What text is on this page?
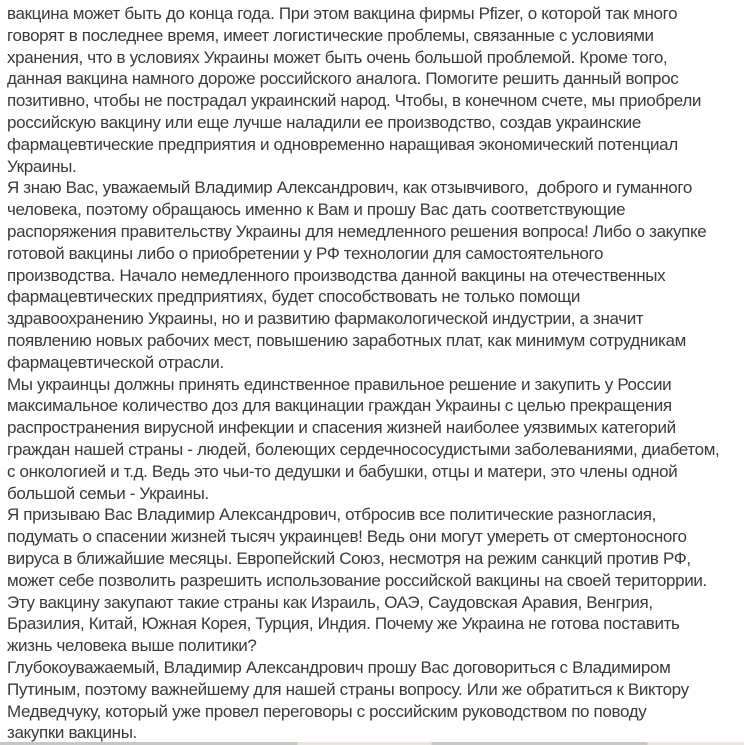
вакцина может быть до конца года. При этом вакцина фирмы Pfizer, о которой так много
говорят в последнее время, имеет логистические проблемы, связанные с условиями
хранения, что в условиях Украины может быть очень большой проблемой. Кроме того,
данная вакцина намного дороже российского аналога. Помогите решить данный вопрос
позитивно, чтобы не пострадал украинский народ. Чтобы, в конечном счете, мы приобрели
российскую вакцину или еще лучше наладили ее производство, создав украинские
фармацевтические предприятия и одновременно наращивая экономический потенциал
Украины.

Я знаю Вас, уважаемый Владимир Александрович, как отзывчивого,  доброго и гуманного
человека, поэтому обращаюсь именно к Вам и прошу Вас дать соответствующие
распоряжения правительству Украины для немедленного решения вопроса! Либо о закупке
готовой вакцины либо о приобретении у РФ технологии для самостоятельного
производства. Начало немедленного производства данной вакцины на отечественных
фармацевтических предприятиях, будет способствовать не только помощи
здравоохранению Украины, но и развитию фармакологической индустрии, а значит
появлению новых рабочих мест, повышению заработных плат, как минимум сотрудникам
фармацевтической отрасли.

Мы украинцы должны принять единственное правильное решение и закупить у России
максимальное количество доз для вакцинации граждан Украины с целью прекращения
распространения вирусной инфекции и спасения жизней наиболее уязвимых категорий
граждан нашей страны - людей, болеющих сердечнососудистыми заболеваниями, диабетом,
с онкологией и т.д. Ведь это чьи-то дедушки и бабушки, отцы и матери, это члены одной
большой семьи - Украины.

Я призываю Вас Владимир Александрович, отбросив все политические разногласия,
подумать о спасении жизней тысяч украинцев! Ведь они могут умереть от смертоносного
вируса в ближайшие месяцы. Европейский Союз, несмотря на режим санкций против РФ,
может себе позволить разрешить использование российской вакцины на своей територрии.
Эту вакцину закупают такие страны как Израиль, ОАЭ, Саудовская Аравия, Венгрия,
Бразилия, Китай, Южная Корея, Турция, Индия. Почему же Украина не готова поставить
жизнь человека выше политики?

Глубокоуважаемый, Владимир Александрович прошу Вас договориться с Владимиром
Путиным, поэтому важнейшему для нашей страны вопросу. Или же обратиться к Виктору
Медведчуку, который уже провел переговоры с российским руководством по поводу
закупки вакцины.
